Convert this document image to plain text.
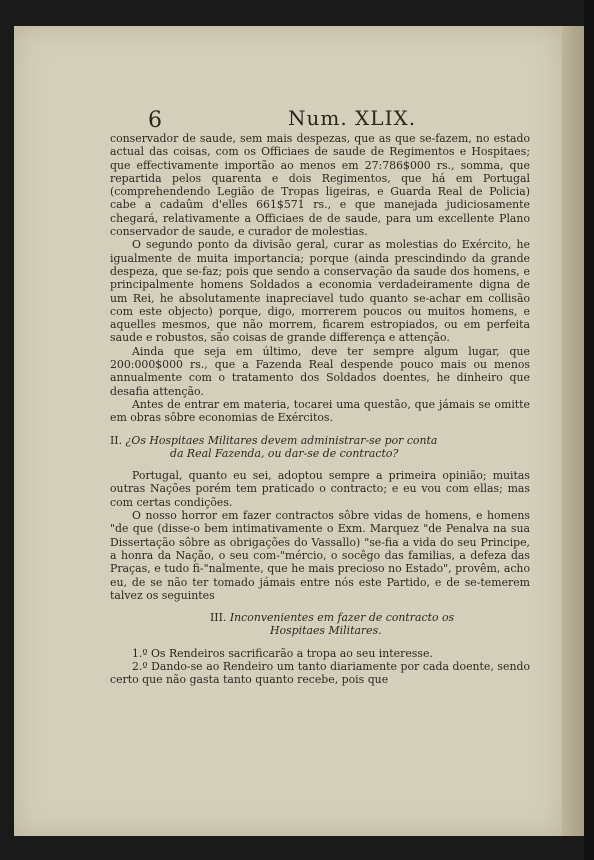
6	Num. XLIX.

conservador de saude, sem mais despezas, que as que se-fazem, no estado actual das coisas, com os Officiaes de saude de Regimentos e Hospitaes; que effectivamente importão ao menos em 27:786$000 rs., somma, que repartida pelos quarenta e dois Regimentos, que há em Portugal (comprehendendo Legião de Tropas ligeiras, e Guarda Real de Policia) cabe a cadaûm d'elles 661$571 rs., e que manejada judiciosamente chegará, relativamente a Officiaes de de saude, para um excellente Plano conservador de saude, e curador de molestias.

O segundo ponto da divisão geral, curar as molestias do Exército, he igualmente de muita importancia; porque (ainda prescindindo da grande despeza, que se-faz; pois que sendo a conservação da saude dos homens, e principalmente homens Soldados a economia verdadeiramente digna de um Rei, he absolutamente inapreciavel tudo quanto se-achar em collisão com este objecto) porque, digo, morrerem poucos ou muitos homens, e aquelles mesmos, que não morrem, ficarem estropiados, ou em perfeita saude e robustos, são coisas de grande differença e attenção.

Ainda que seja em último, deve ter sempre algum lugar, que 200:000$000 rs., que a Fazenda Real despende pouco mais ou menos annualmente com o tratamento dos Soldados doentes, he dinheiro que desafia attenção.

Antes de entrar em materia, tocarei uma questão, que jámais se omitte em obras sôbre economias de Exércitos.

II. ¿Os Hospitaes Militares devem administrar-se por conta
da Real Fazenda, ou dar-se de contracto?

Portugal, quanto eu sei, adoptou sempre a primeira opinião; muitas outras Nações porém tem praticado o contracto; e eu vou com ellas; mas com certas condições.

O nosso horror em fazer contractos sôbre vidas de homens, e homens "de que (disse-o bem intimativamente o Exm. Marquez "de Penalva na sua Dissertação sôbre as obrigações do Vassallo) "se-fia a vida do seu Principe, a honra da Nação, o seu com-"mércio, o socêgo das familias, a defeza das Praças, e tudo fi-"nalmente, que he mais precioso no Estado", provêm, acho eu, de se não ter tomado jámais entre nós este Partido, e de se-temerem talvez os seguintes

III. Inconvenientes em fazer de contracto os
Hospitaes Militares.

1.º Os Rendeiros sacrificarão a tropa ao seu interesse.

2.º Dando-se ao Rendeiro um tanto diariamente por cada doente, sendo certo que não gasta tanto quanto recebe, pois que
